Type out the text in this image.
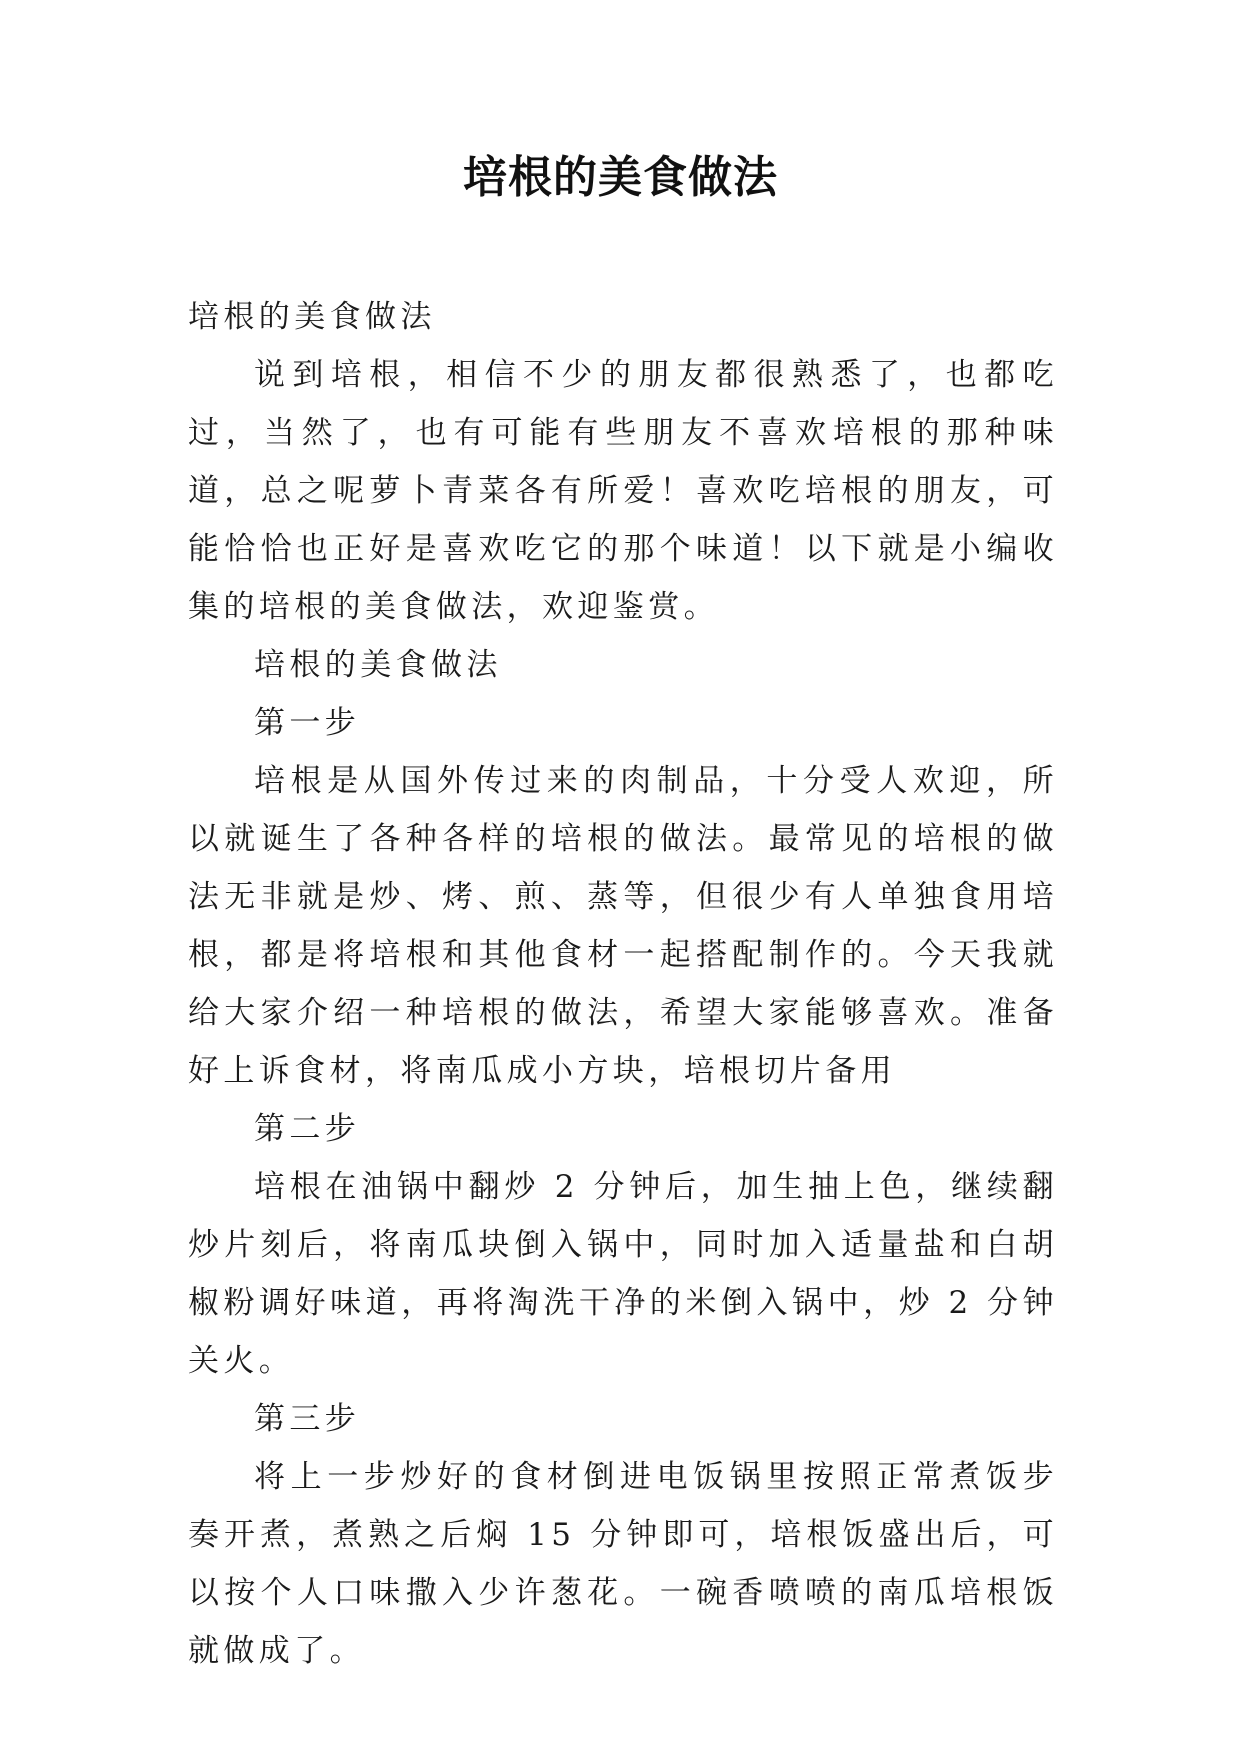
培根的美食做法

培根的美食做法

说到培根，相信不少的朋友都很熟悉了，也都吃过，当然了，也有可能有些朋友不喜欢培根的那种味道，总之呢萝卜青菜各有所爱！喜欢吃培根的朋友，可能恰恰也正好是喜欢吃它的那个味道！以下就是小编收集的培根的美食做法，欢迎鉴赏。

培根的美食做法

第一步

培根是从国外传过来的肉制品，十分受人欢迎，所以就诞生了各种各样的培根的做法。最常见的培根的做法无非就是炒、烤、煎、蒸等，但很少有人单独食用培根，都是将培根和其他食材一起搭配制作的。今天我就给大家介绍一种培根的做法，希望大家能够喜欢。准备好上诉食材，将南瓜成小方块，培根切片备用

第二步

培根在油锅中翻炒 2 分钟后，加生抽上色，继续翻炒片刻后，将南瓜块倒入锅中，同时加入适量盐和白胡椒粉调好味道，再将淘洗干净的米倒入锅中，炒 2 分钟关火。

第三步

将上一步炒好的食材倒进电饭锅里按照正常煮饭步奏开煮，煮熟之后焖 15 分钟即可，培根饭盛出后，可以按个人口味撒入少许葱花。一碗香喷喷的南瓜培根饭就做成了。
